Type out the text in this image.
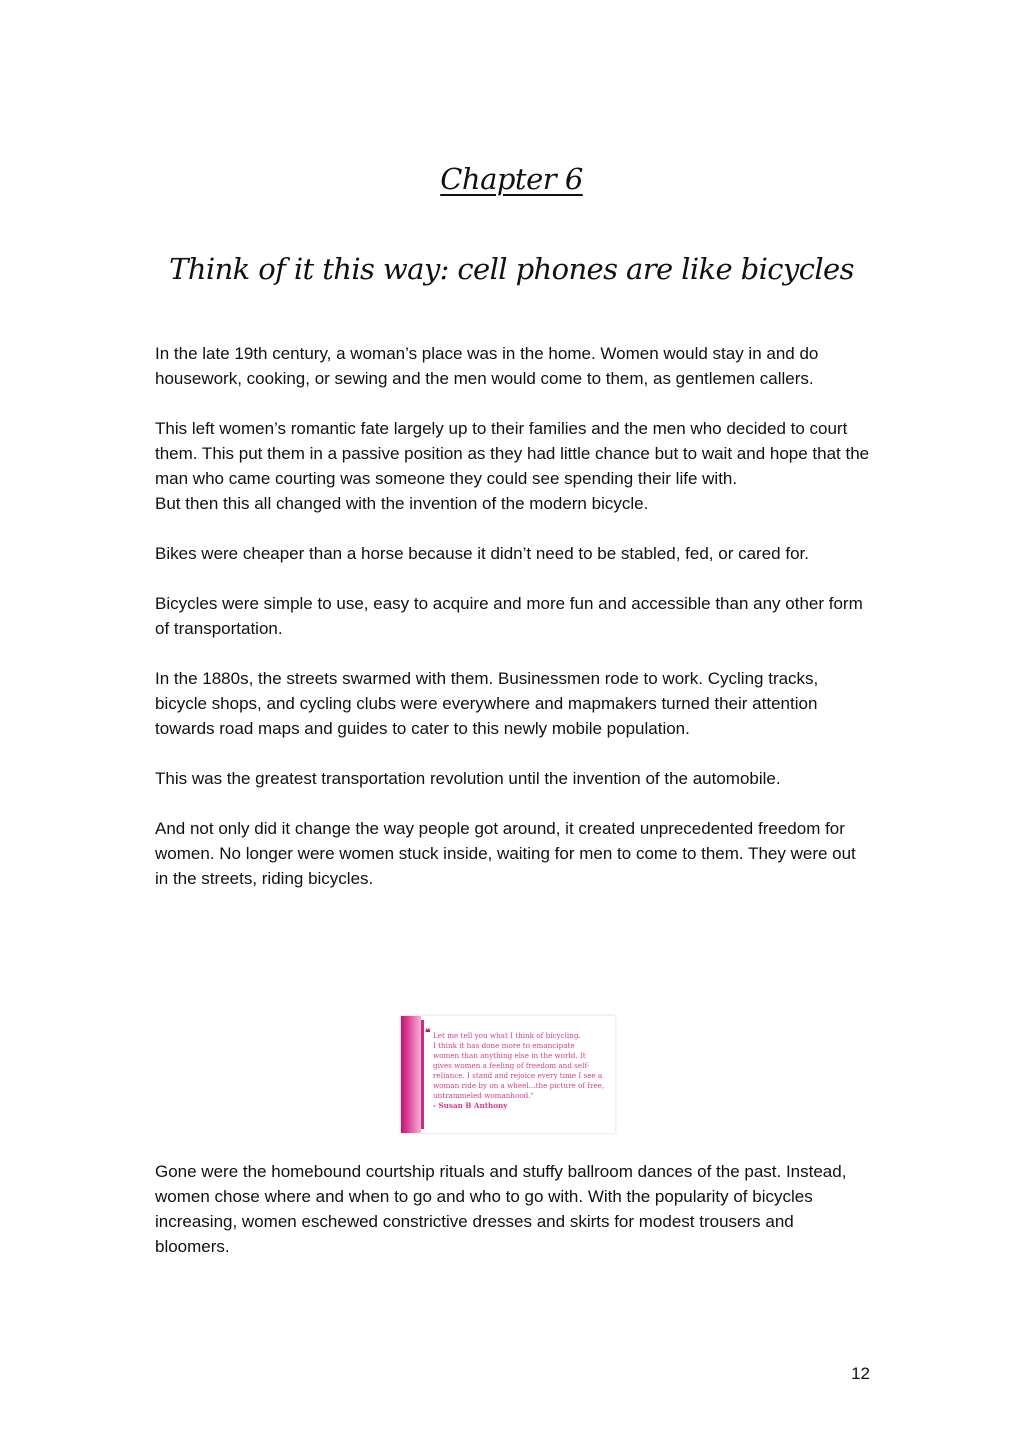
Chapter 6
Think of it this way: cell phones are like bicycles

In the late 19th century, a woman’s place was in the home. Women would stay in and do housework, cooking, or sewing and the men would come to them, as gentlemen callers.

This left women’s romantic fate largely up to their families and the men who decided to court them. This put them in a passive position as they had little chance but to wait and hope that the man who came courting was someone they could see spending their life with.

But then this all changed with the invention of the modern bicycle.

Bikes were cheaper than a horse because it didn’t need to be stabled, fed, or cared for.

Bicycles were simple to use, easy to acquire and more fun and accessible than any other form of transportation.

In the 1880s, the streets swarmed with them. Businessmen rode to work. Cycling tracks, bicycle shops, and cycling clubs were everywhere and mapmakers turned their attention towards road maps and guides to cater to this newly mobile population.

This was the greatest transportation revolution until the invention of the automobile.

And not only did it change the way people got around, it created unprecedented freedom for women. No longer were women stuck inside, waiting for men to come to them. They were out in the streets, riding bicycles.

❝ Let me tell you what I think of bicycling.
I think it has done more to emancipate
women than anything else in the world. It
gives women a feeling of freedom and self-
reliance. I stand and rejoice every time I see a
woman ride by on a wheel...the picture of free,
untrammeled womanhood."
- Susan B Anthony

Gone were the homebound courtship rituals and stuffy ballroom dances of the past. Instead, women chose where and when to go and who to go with. With the popularity of bicycles increasing, women eschewed constrictive dresses and skirts for modest trousers and bloomers.

12
